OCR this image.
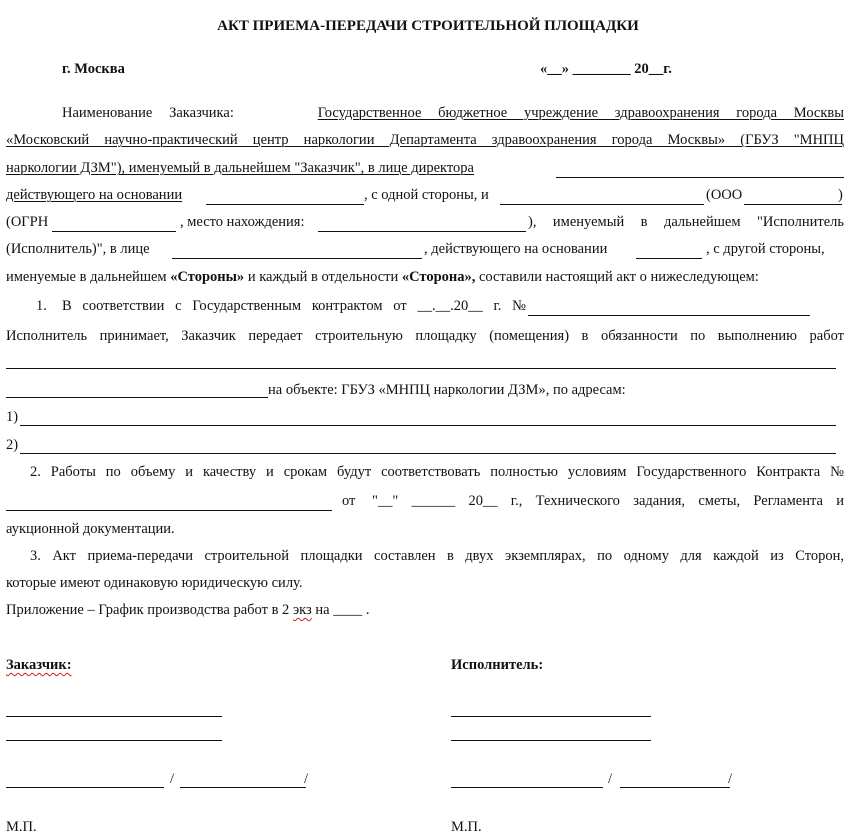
АКТ ПРИЕМА-ПЕРЕДАЧИ СТРОИТЕЛЬНОЙ ПЛОЩАДКИ
г. Москва	«__» ________ 20__г.
Наименование Заказчика:	Государственное бюджетное учреждение здравоохранения города Москвы
«Московский научно-практический центр наркологии Департамента здравоохранения города Москвы» (ГБУЗ "МНПЦ
наркологии ДЗМ"), именуемый в дальнейшем "Заказчик", в лице директора
действующего на основании	, с одной стороны, и	(ООО	)
(ОГРН	, место нахождения:	), именуемый в дальнейшем "Исполнитель
(Исполнитель)", в лице	, действующего на основании	, с другой стороны,
именуемые в дальнейшем «Стороны» и каждый в отдельности «Сторона», составили настоящий акт о нижеследующем:
1. В соответствии с Государственным контрактом от __.__.20__ г. №
Исполнитель принимает, Заказчик передает строительную площадку (помещения) в обязанности по выполнению работ
на объекте: ГБУЗ «МНПЦ наркологии ДЗМ», по адресам:
1)
2)
2. Работы по объему и качеству и срокам будут соответствовать полностью условиям Государственного Контракта №
от "__" ______ 20__ г., Технического задания, сметы, Регламента и
аукционной документации.
3. Акт приема-передачи строительной площадки составлен в двух экземплярах, по одному для каждой из Сторон,
которые имеют одинаковую юридическую силу.
Приложение – График производства работ в 2 экз на ____ .
Заказчик:	Исполнитель:
/	/	/	/
М.П.	М.П.
